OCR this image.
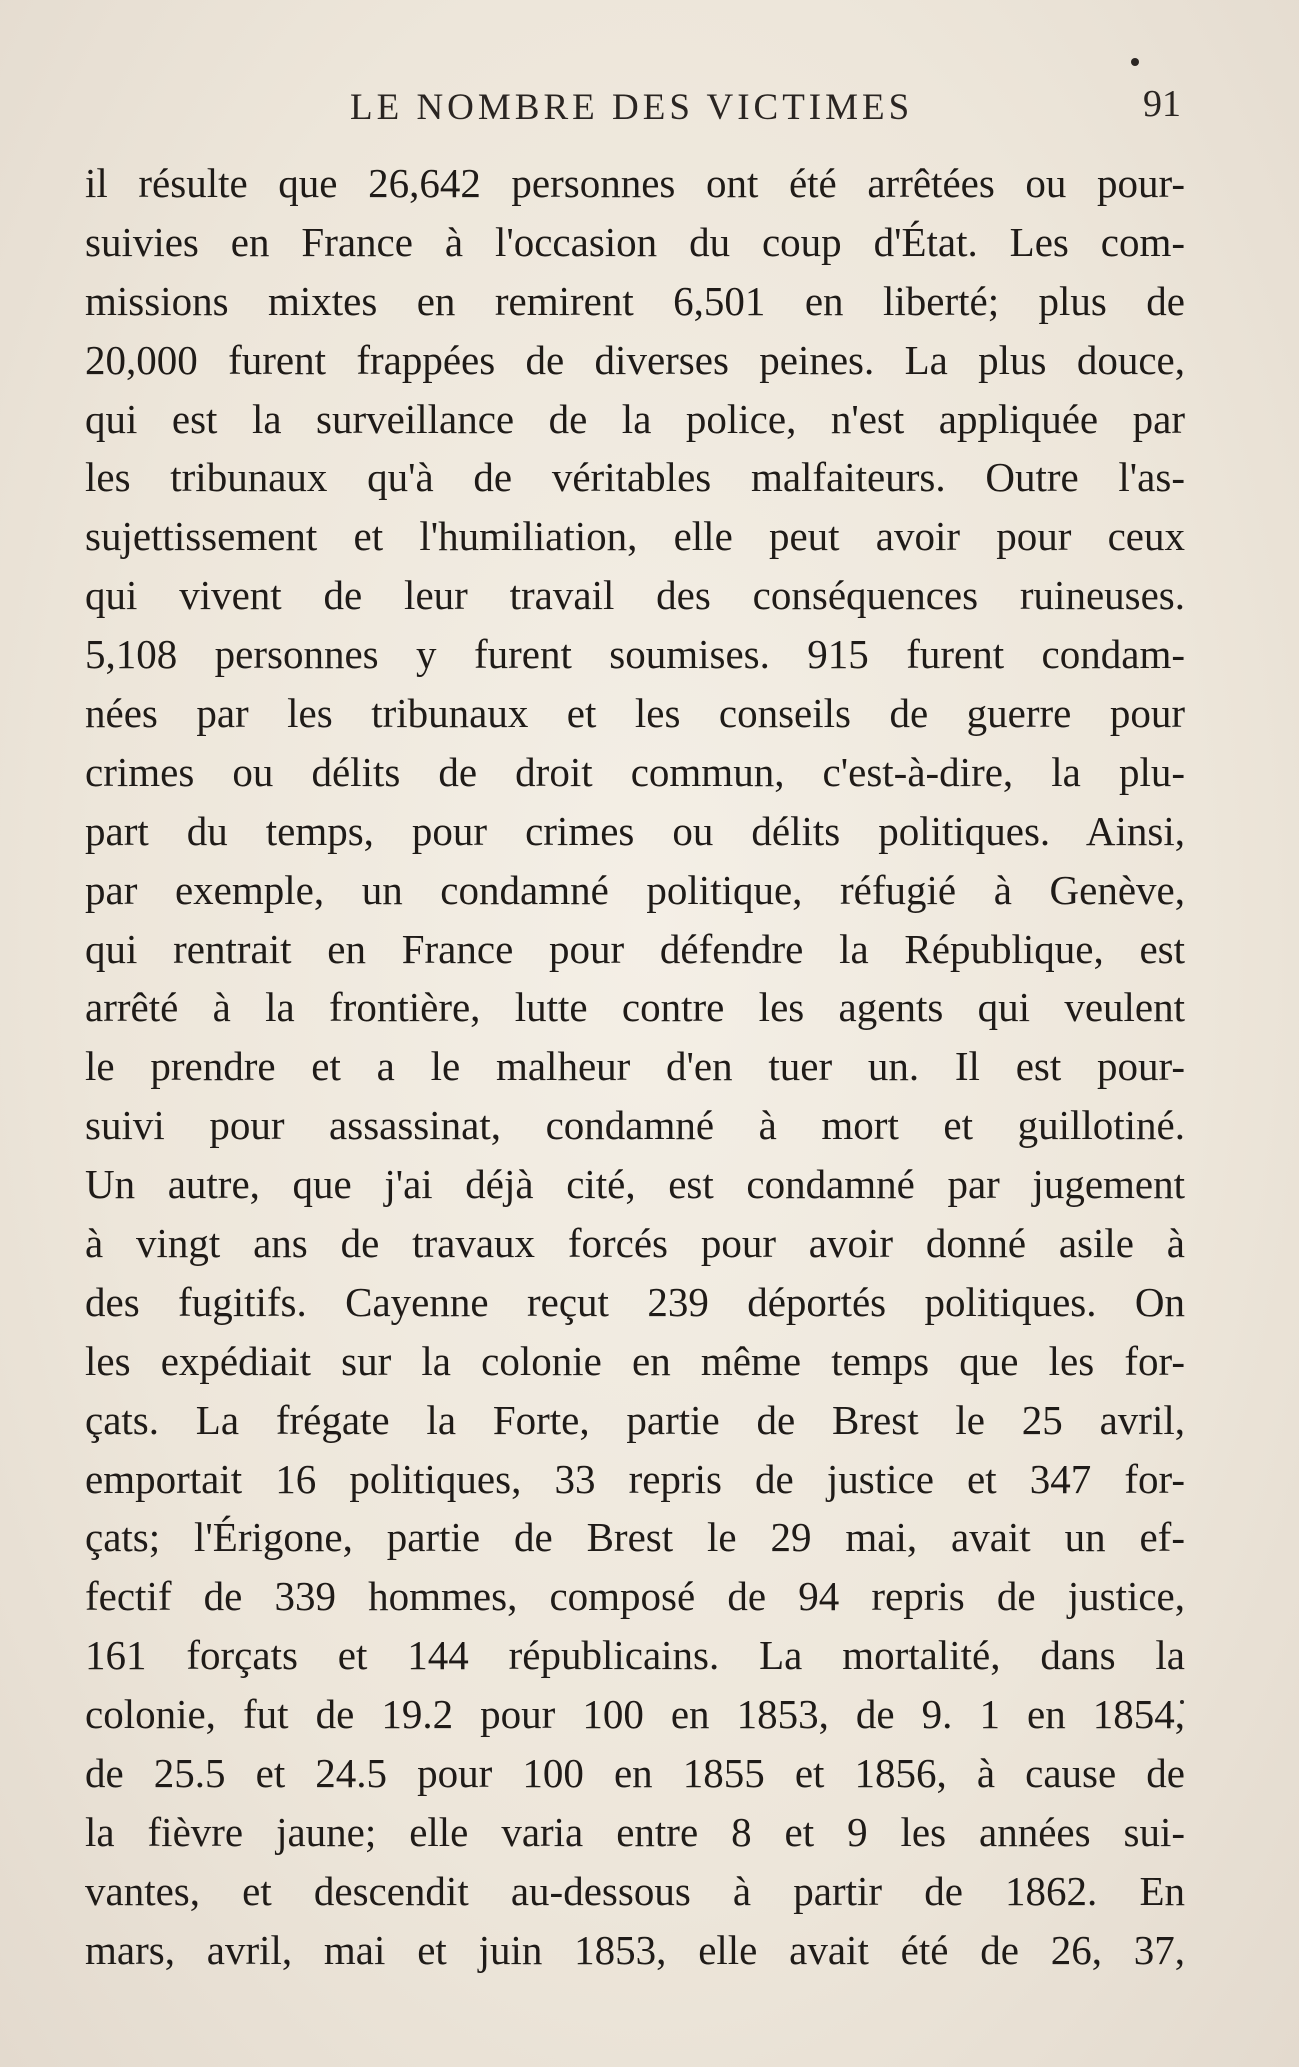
LE NOMBRE DES VICTIMES	91
il résulte que 26,642 personnes ont été arrêtées ou pour-
suivies en France à l'occasion du coup d'État. Les com-
missions mixtes en remirent 6,501 en liberté; plus de
20,000 furent frappées de diverses peines. La plus douce,
qui est la surveillance de la police, n'est appliquée par
les tribunaux qu'à de véritables malfaiteurs. Outre l'as-
sujettissement et l'humiliation, elle peut avoir pour ceux
qui vivent de leur travail des conséquences ruineuses.
5,108 personnes y furent soumises. 915 furent condam-
nées par les tribunaux et les conseils de guerre pour
crimes ou délits de droit commun, c'est-à-dire, la plu-
part du temps, pour crimes ou délits politiques. Ainsi,
par exemple, un condamné politique, réfugié à Genève,
qui rentrait en France pour défendre la République, est
arrêté à la frontière, lutte contre les agents qui veulent
le prendre et a le malheur d'en tuer un. Il est pour-
suivi pour assassinat, condamné à mort et guillotiné.
Un autre, que j'ai déjà cité, est condamné par jugement
à vingt ans de travaux forcés pour avoir donné asile à
des fugitifs. Cayenne reçut 239 déportés politiques. On
les expédiait sur la colonie en même temps que les for-
çats. La frégate la Forte, partie de Brest le 25 avril,
emportait 16 politiques, 33 repris de justice et 347 for-
çats; l'Érigone, partie de Brest le 29 mai, avait un ef-
fectif de 339 hommes, composé de 94 repris de justice,
161 forçats et 144 républicains. La mortalité, dans la
colonie, fut de 19.2 pour 100 en 1853, de 9. 1 en 1854,
de 25.5 et 24.5 pour 100 en 1855 et 1856, à cause de
la fièvre jaune; elle varia entre 8 et 9 les années sui-
vantes, et descendit au-dessous à partir de 1862. En
mars, avril, mai et juin 1853, elle avait été de 26, 37,
